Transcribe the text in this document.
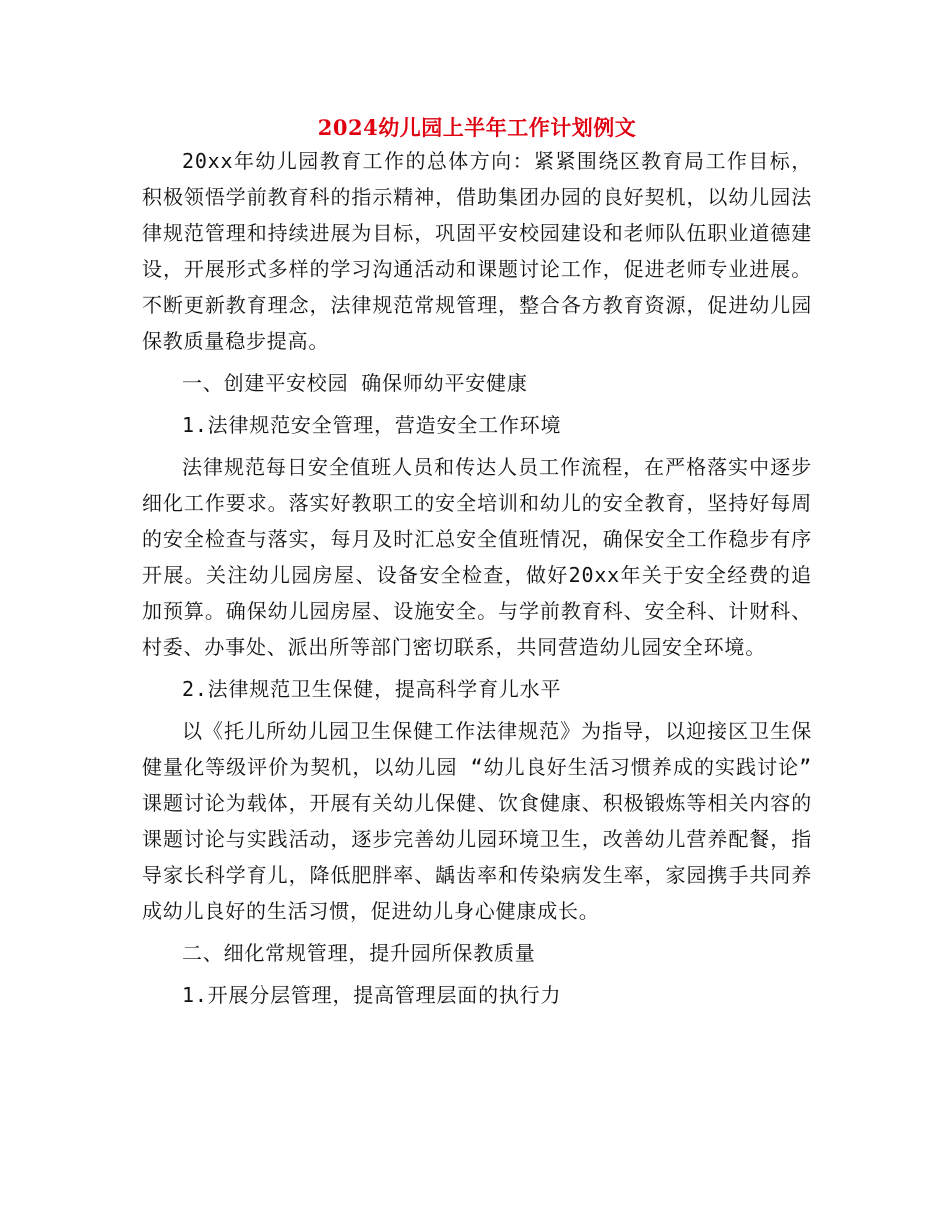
2024幼儿园上半年工作计划例文

20xx年幼儿园教育工作的总体方向：紧紧围绕区教育局工作目标，积极领悟学前教育科的指示精神，借助集团办园的良好契机，以幼儿园法律规范管理和持续进展为目标，巩固平安校园建设和老师队伍职业道德建设，开展形式多样的学习沟通活动和课题讨论工作，促进老师专业进展。不断更新教育理念，法律规范常规管理，整合各方教育资源，促进幼儿园保教质量稳步提高。

一、创建平安校园 确保师幼平安健康

1.法律规范安全管理，营造安全工作环境

法律规范每日安全值班人员和传达人员工作流程，在严格落实中逐步细化工作要求。落实好教职工的安全培训和幼儿的安全教育，坚持好每周的安全检查与落实，每月及时汇总安全值班情况，确保安全工作稳步有序开展。关注幼儿园房屋、设备安全检查，做好20xx年关于安全经费的追加预算。确保幼儿园房屋、设施安全。与学前教育科、安全科、计财科、村委、办事处、派出所等部门密切联系，共同营造幼儿园安全环境。

2.法律规范卫生保健，提高科学育儿水平

以《托儿所幼儿园卫生保健工作法律规范》为指导，以迎接区卫生保健量化等级评价为契机，以幼儿园 “幼儿良好生活习惯养成的实践讨论” 课题讨论为载体，开展有关幼儿保健、饮食健康、积极锻炼等相关内容的课题讨论与实践活动，逐步完善幼儿园环境卫生，改善幼儿营养配餐，指导家长科学育儿，降低肥胖率、龋齿率和传染病发生率，家园携手共同养成幼儿良好的生活习惯，促进幼儿身心健康成长。

二、细化常规管理，提升园所保教质量

1.开展分层管理，提高管理层面的执行力
